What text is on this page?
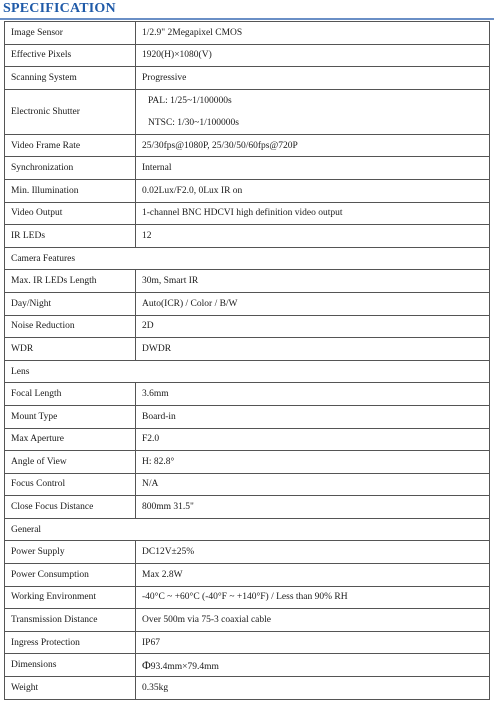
SPECIFICATION
Image Sensor	1/2.9" 2Megapixel CMOS
Effective Pixels	1920(H)×1080(V)
Scanning System	Progressive
Electronic Shutter	PAL: 1/25~1/100000s
NTSC: 1/30~1/100000s

Video Frame Rate	25/30fps@1080P, 25/30/50/60fps@720P
Synchronization	Internal
Min. Illumination	0.02Lux/F2.0, 0Lux IR on
Video Output	1-channel BNC HDCVI high definition video output
IR LEDs	12
Camera Features	
Max. IR LEDs Length	30m, Smart IR
Day/Night	Auto(ICR) / Color / B/W
Noise Reduction	2D
WDR	DWDR
Lens	
Focal Length	3.6mm
Mount Type	Board-in
Max Aperture	F2.0
Angle of View	H: 82.8°
Focus Control	N/A
Close Focus Distance	800mm 31.5"
General	
Power Supply	DC12V±25%
Power Consumption	Max 2.8W
Working Environment	-40°C ~ +60°C (-40°F ~ +140°F) / Less than 90% RH
Transmission Distance	Over 500m via 75-3 coaxial cable
Ingress Protection	IP67
Dimensions	Φ93.4mm×79.4mm
Weight	0.35kg
